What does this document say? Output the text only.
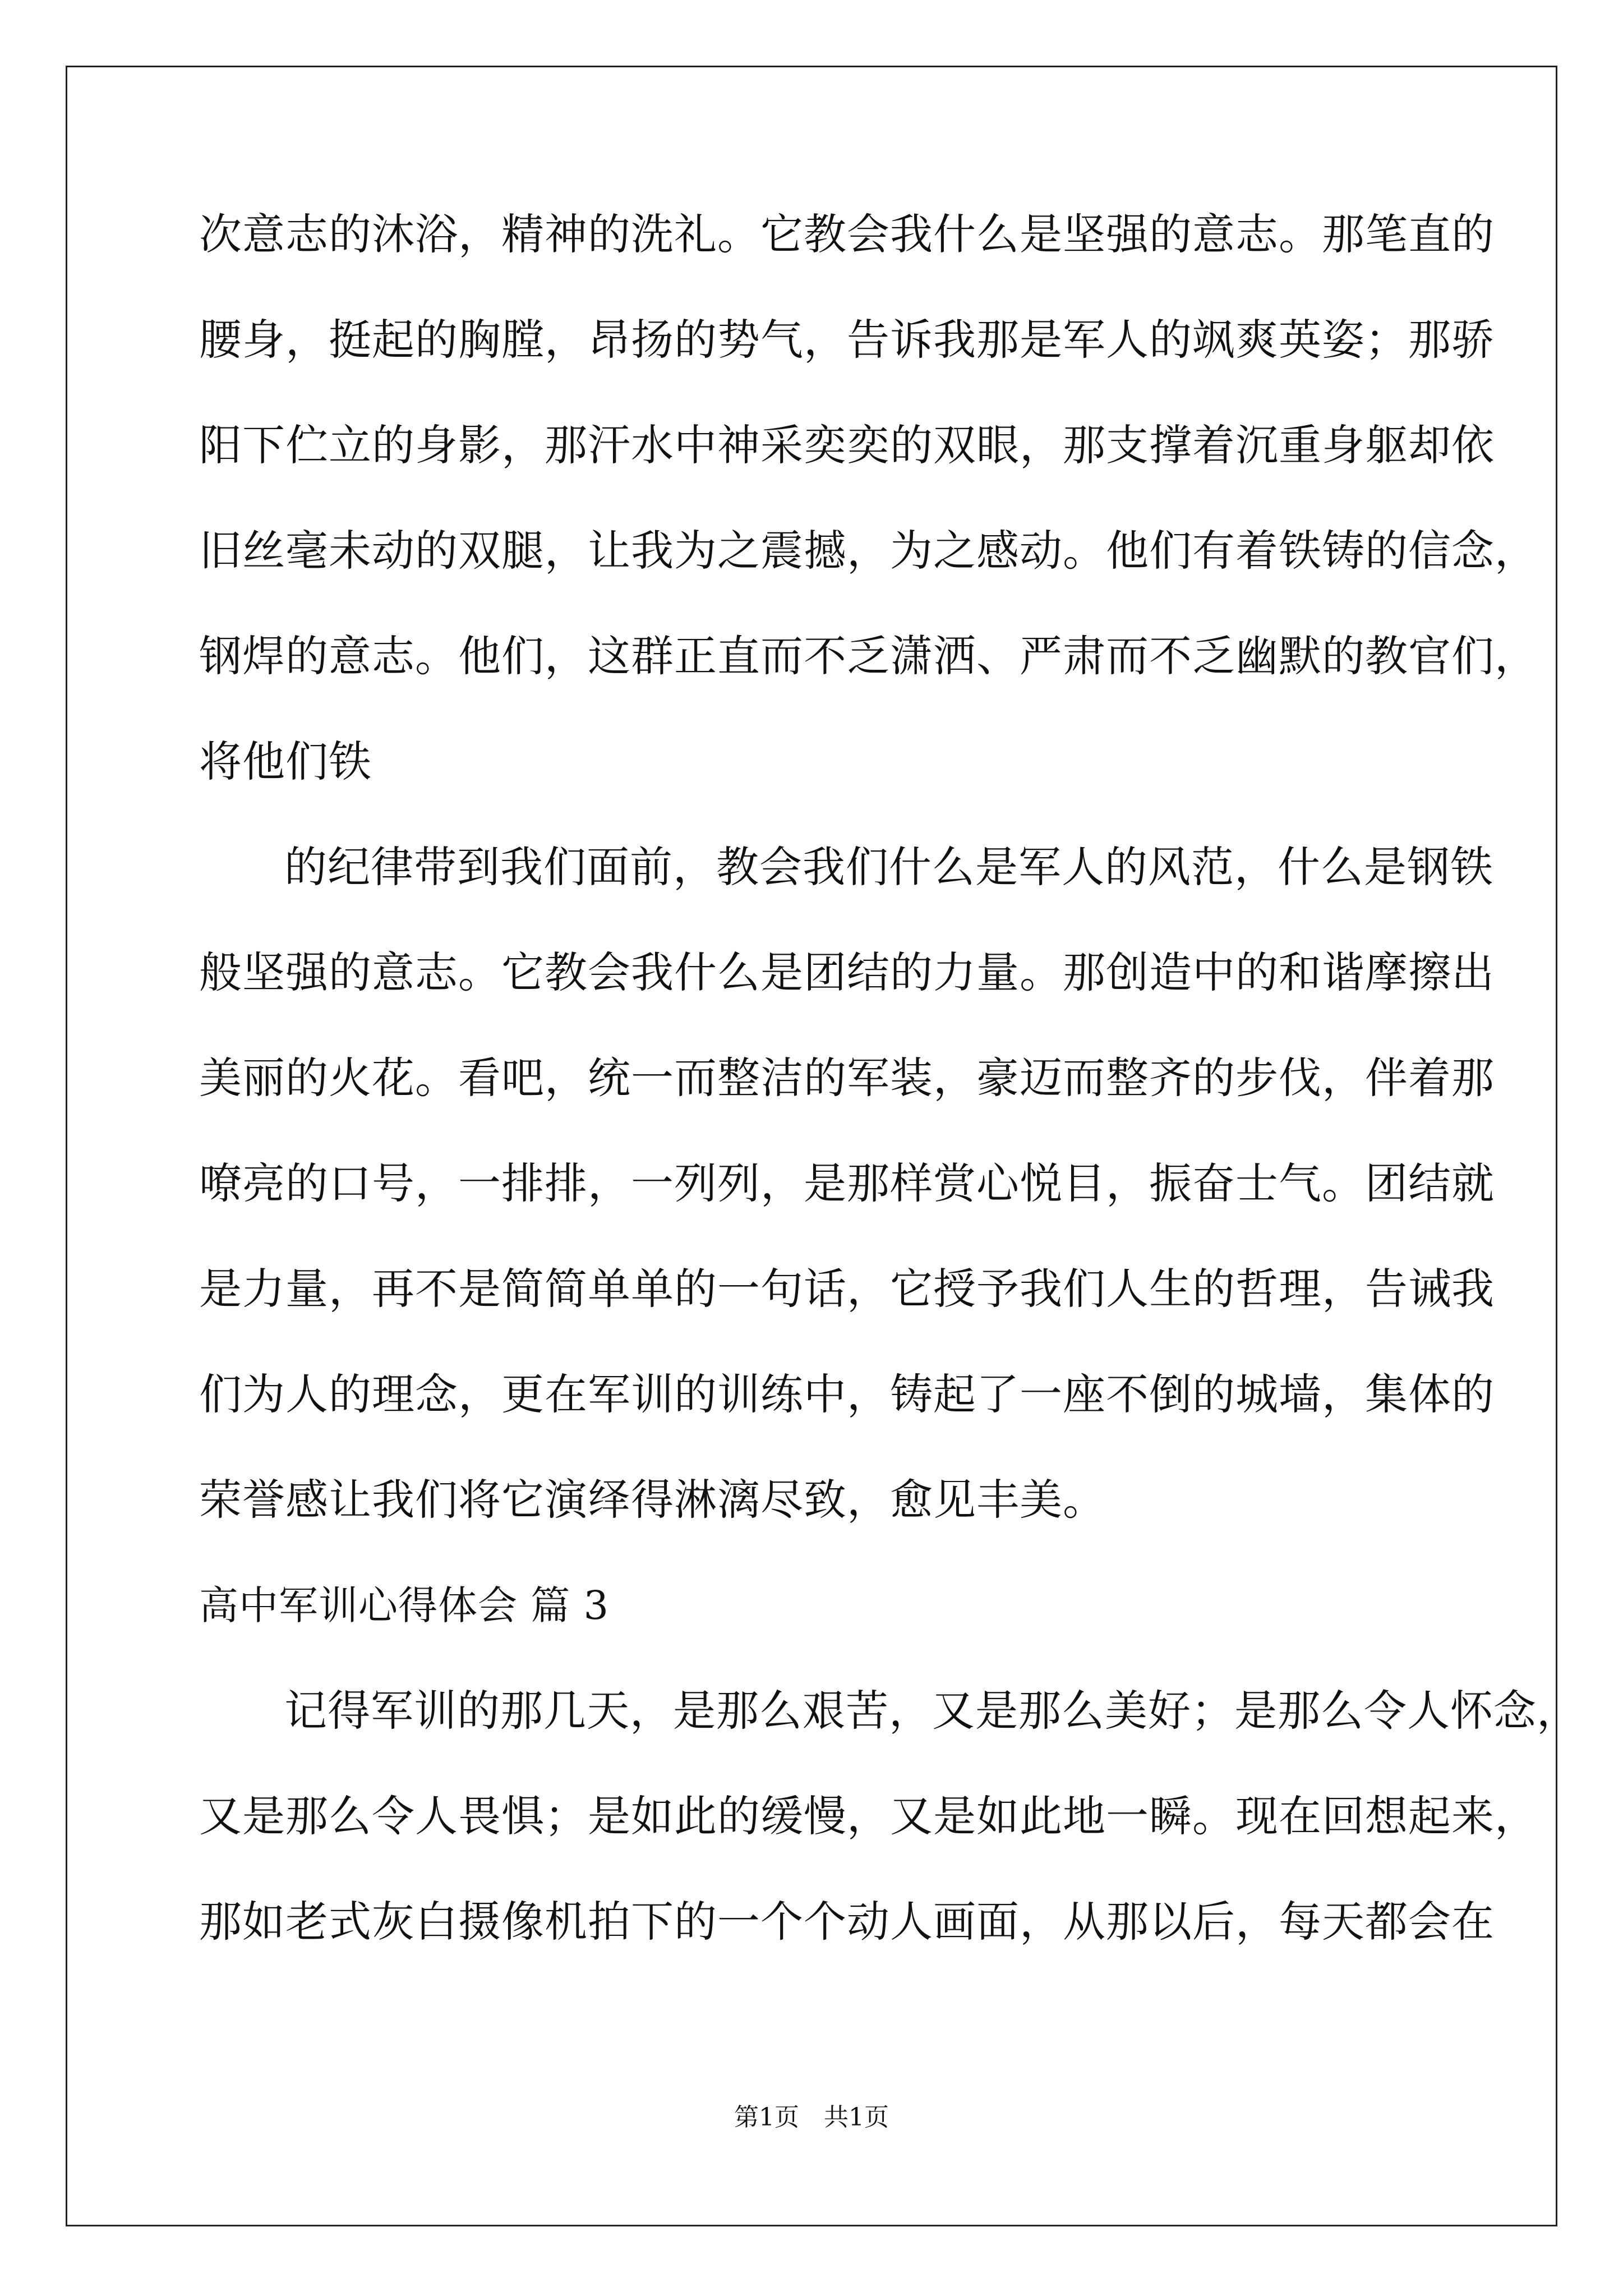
次意志的沐浴，精神的洗礼。它教会我什么是坚强的意志。那笔直的
腰身，挺起的胸膛，昂扬的势气，告诉我那是军人的飒爽英姿；那骄
阳下伫立的身影，那汗水中神采奕奕的双眼，那支撑着沉重身躯却依
旧丝毫未动的双腿，让我为之震撼，为之感动。他们有着铁铸的信念，
钢焊的意志。他们，这群正直而不乏潇洒、严肃而不乏幽默的教官们，
将他们铁
的纪律带到我们面前，教会我们什么是军人的风范，什么是钢铁
般坚强的意志。它教会我什么是团结的力量。那创造中的和谐摩擦出
美丽的火花。看吧，统一而整洁的军装，豪迈而整齐的步伐，伴着那
嘹亮的口号，一排排，一列列，是那样赏心悦目，振奋士气。团结就
是力量，再不是简简单单的一句话，它授予我们人生的哲理，告诫我
们为人的理念，更在军训的训练中，铸起了一座不倒的城墙，集体的
荣誉感让我们将它演绎得淋漓尽致，愈见丰美。
高中军训心得体会 篇 3
记得军训的那几天，是那么艰苦，又是那么美好；是那么令人怀念，
又是那么令人畏惧；是如此的缓慢，又是如此地一瞬。现在回想起来，
那如老式灰白摄像机拍下的一个个动人画面，从那以后，每天都会在
第1页　共1页
